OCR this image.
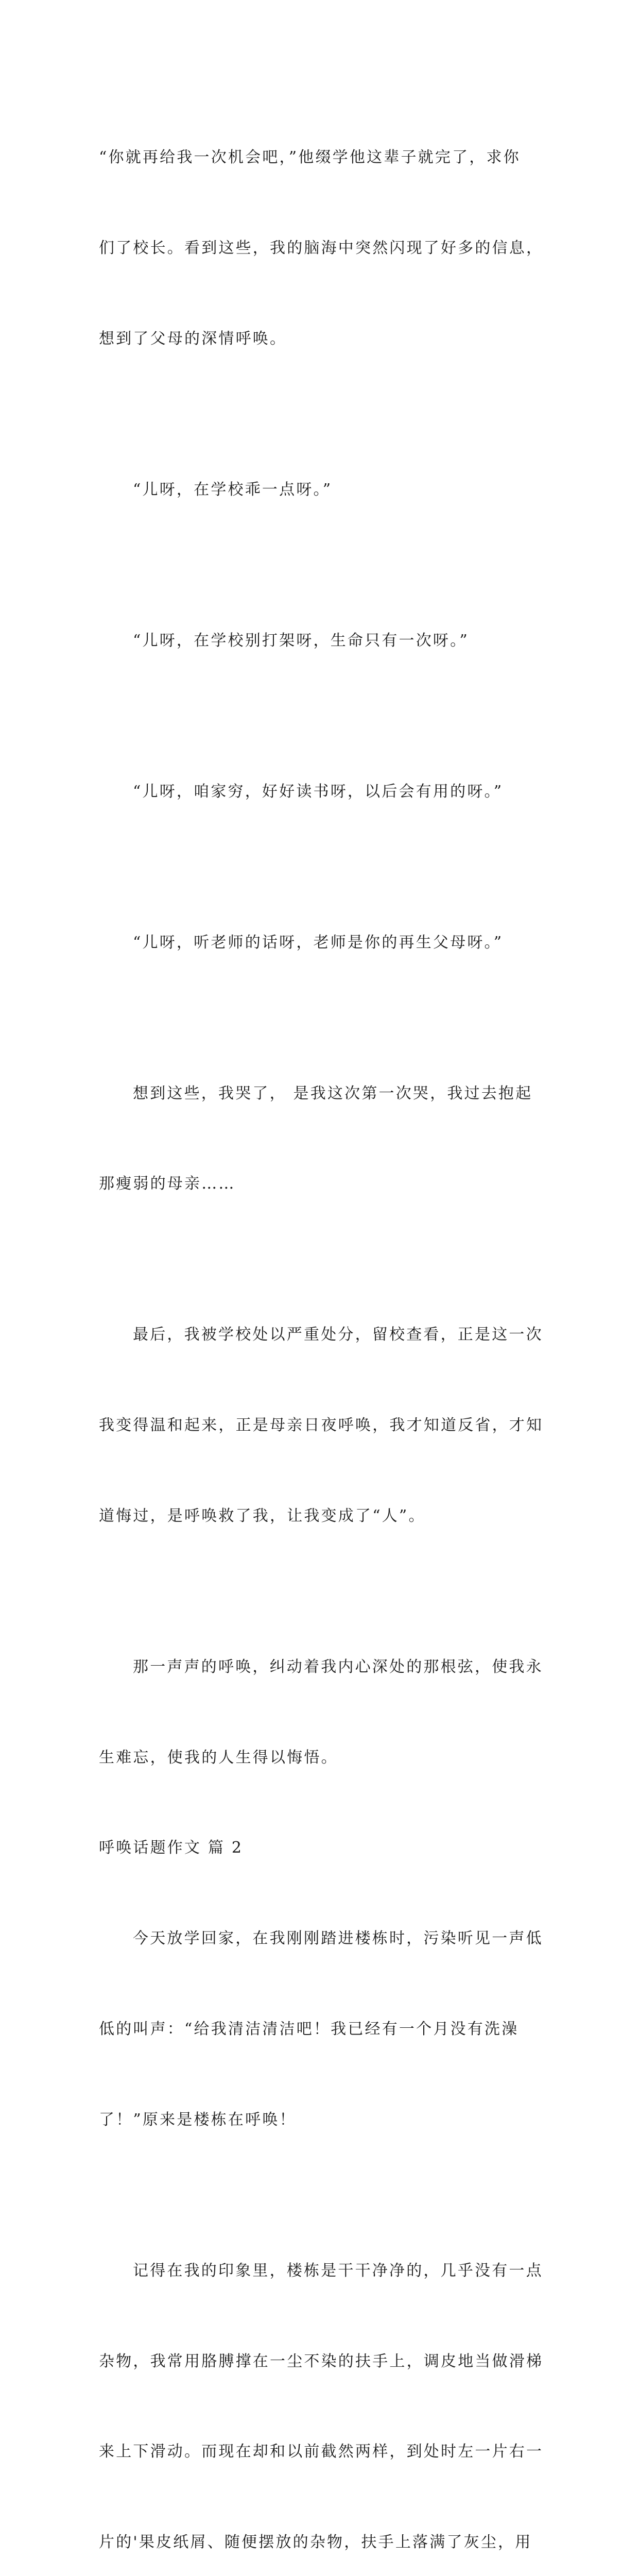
“你就再给我一次机会吧，”他缀学他这辈子就完了，求你

们了校长。看到这些，我的脑海中突然闪现了好多的信息，

想到了父母的深情呼唤。

“儿呀，在学校乖一点呀。”

“儿呀，在学校别打架呀，生命只有一次呀。”

“儿呀，咱家穷，好好读书呀，以后会有用的呀。”

“儿呀，听老师的话呀，老师是你的再生父母呀。”

想到这些，我哭了， 是我这次第一次哭，我过去抱起

那瘦弱的母亲……

最后，我被学校处以严重处分，留校查看，正是这一次

我变得温和起来，正是母亲日夜呼唤，我才知道反省，才知

道悔过，是呼唤救了我，让我变成了“人”。

那一声声的呼唤，纠动着我内心深处的那根弦，使我永

生难忘，使我的人生得以悔悟。

呼唤话题作文 篇 2

今天放学回家，在我刚刚踏进楼栋时，污染听见一声低

低的叫声：“给我清洁清洁吧！我已经有一个月没有洗澡

了！”原来是楼栋在呼唤！

记得在我的印象里，楼栋是干干净净的，几乎没有一点

杂物，我常用胳膊撑在一尘不染的扶手上，调皮地当做滑梯

来上下滑动。而现在却和以前截然两样，到处时左一片右一

片的'果皮纸屑、随便摆放的杂物，扶手上落满了灰尘，用
